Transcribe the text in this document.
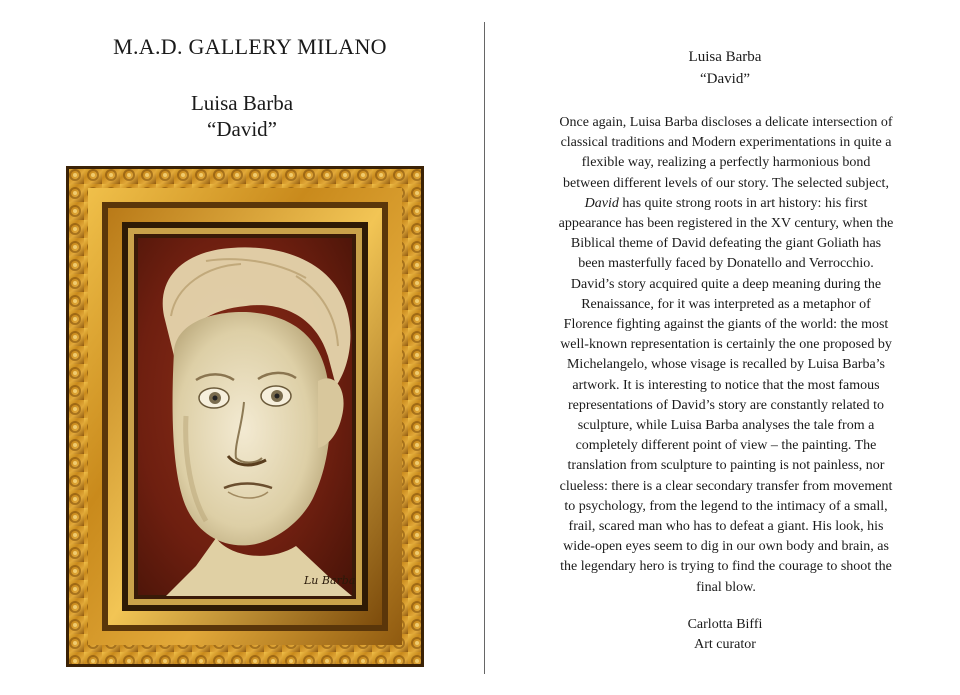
M.A.D. GALLERY MILANO
Luisa Barba
“David”
Lu Barba
Luisa Barba
“David”
Once again, Luisa Barba discloses a delicate intersection of
classical traditions and Modern experimentations in quite a
flexible way, realizing a perfectly harmonious bond
between different levels of our story. The selected subject,
David has quite strong roots in art history: his first
appearance has been registered in the XV century, when the
Biblical theme of David defeating the giant Goliath has
been masterfully faced by Donatello and Verrocchio.
David’s story acquired quite a deep meaning during the
Renaissance, for it was interpreted as a metaphor of
Florence fighting against the giants of the world: the most
well-known representation is certainly the one proposed by
Michelangelo, whose visage is recalled by Luisa Barba’s
artwork. It is interesting to notice that the most famous
representations of David’s story are constantly related to
sculpture, while Luisa Barba analyses the tale from a
completely different point of view – the painting. The
translation from sculpture to painting is not painless, nor
clueless: there is a clear secondary transfer from movement
to psychology, from the legend to the intimacy of a small,
frail, scared man who has to defeat a giant. His look, his
wide-open eyes seem to dig in our own body and brain, as
the legendary hero is trying to find the courage to shoot the
final blow.
Carlotta Biffi
Art curator
